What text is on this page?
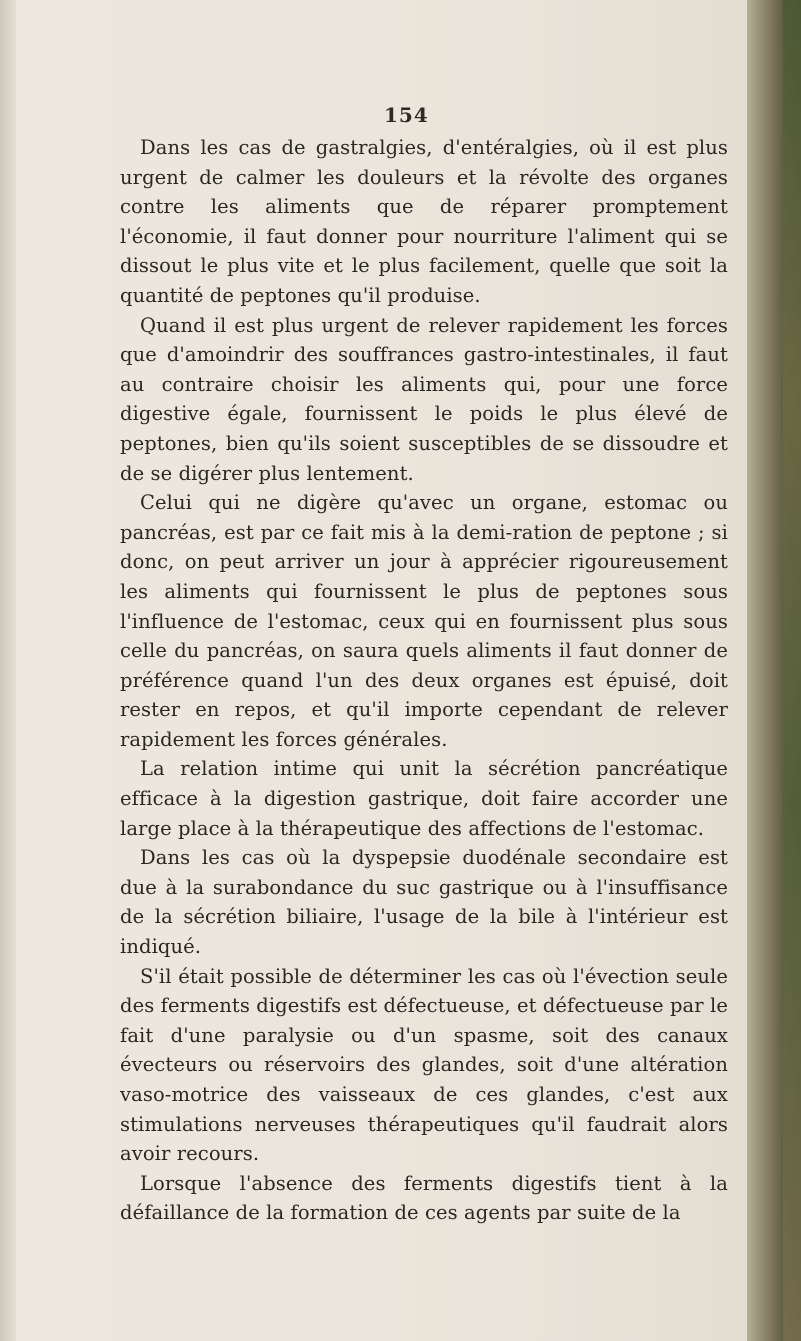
154

Dans les cas de gastralgies, d'entéralgies, où il est plus urgent de calmer les douleurs et la révolte des organes contre les aliments que de réparer promptement l'économie, il faut donner pour nourriture l'aliment qui se dissout le plus vite et le plus facilement, quelle que soit la quantité de peptones qu'il produise.

Quand il est plus urgent de relever rapidement les forces que d'amoindrir des souffrances gastro-intestinales, il faut au contraire choisir les aliments qui, pour une force digestive égale, fournissent le poids le plus élevé de peptones, bien qu'ils soient susceptibles de se dissoudre et de se digérer plus lentement.

Celui qui ne digère qu'avec un organe, estomac ou pancréas, est par ce fait mis à la demi-ration de peptone ; si donc, on peut arriver un jour à apprécier rigoureusement les aliments qui fournissent le plus de peptones sous l'influence de l'estomac, ceux qui en fournissent plus sous celle du pancréas, on saura quels aliments il faut donner de préférence quand l'un des deux organes est épuisé, doit rester en repos, et qu'il importe cependant de relever rapidement les forces générales.

La relation intime qui unit la sécrétion pancréatique efficace à la digestion gastrique, doit faire accorder une large place à la thérapeutique des affections de l'estomac.

Dans les cas où la dyspepsie duodénale secondaire est due à la surabondance du suc gastrique ou à l'insuffisance de la sécrétion biliaire, l'usage de la bile à l'intérieur est indiqué.

S'il était possible de déterminer les cas où l'évection seule des ferments digestifs est défectueuse, et défectueuse par le fait d'une paralysie ou d'un spasme, soit des canaux évecteurs ou réservoirs des glandes, soit d'une altération vaso-motrice des vaisseaux de ces glandes, c'est aux stimulations nerveuses thérapeutiques qu'il faudrait alors avoir recours.

Lorsque l'absence des ferments digestifs tient à la défaillance de la formation de ces agents par suite de la
